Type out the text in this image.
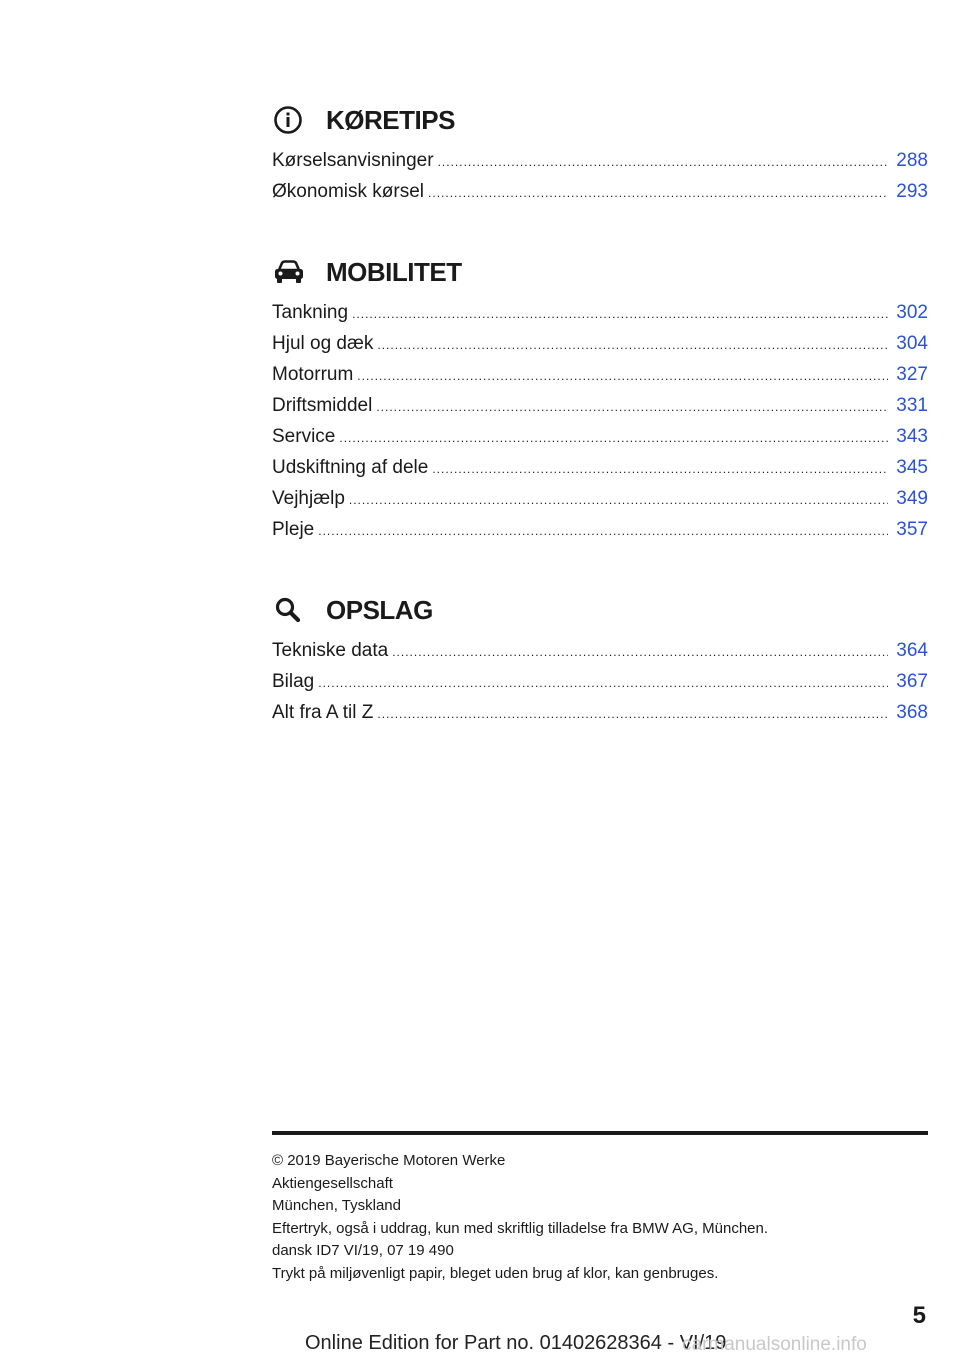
KØRETIPS
Kørselsanvisninger .....	288
Økonomisk kørsel .....	293
MOBILITET
Tankning .....	302
Hjul og dæk .....	304
Motorrum .....	327
Driftsmiddel .....	331
Service .....	343
Udskiftning af dele .....	345
Vejhjælp .....	349
Pleje .....	357
OPSLAG
Tekniske data .....	364
Bilag .....	367
Alt fra A til Z .....	368
© 2019 Bayerische Motoren Werke
Aktiengesellschaft
München, Tyskland
Eftertryk, også i uddrag, kun med skriftlig tilladelse fra BMW AG, München.
dansk ID7 VI/19, 07 19 490
Trykt på miljøvenligt papir, bleget uden brug af klor, kan genbruges.
5
Online Edition for Part no. 01402628364 - VI/19
carmanualsonline.info
